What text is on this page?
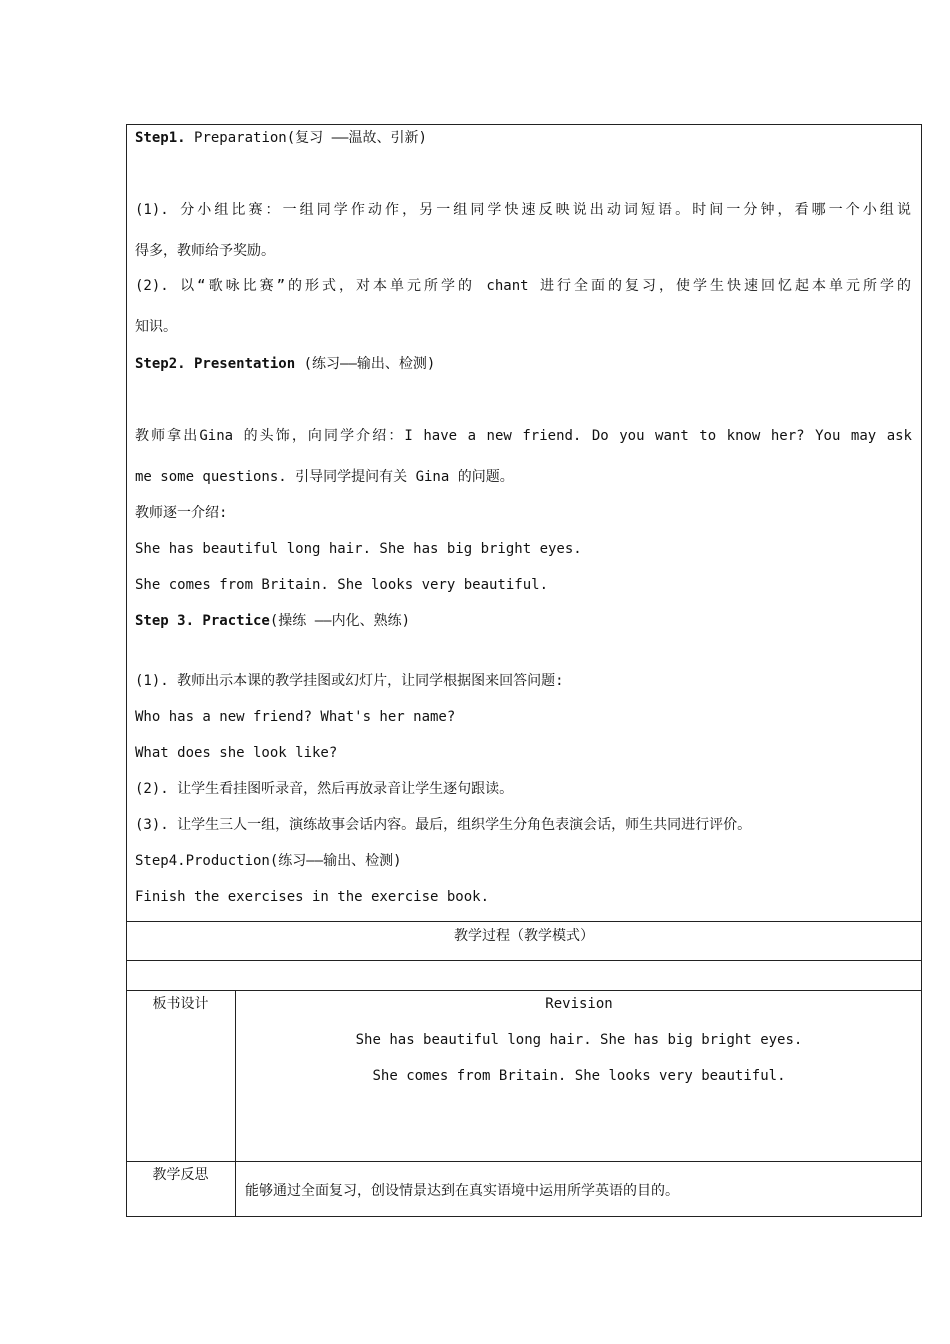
Step1. Preparation(复习 ——温故、引新)
(1). 分小组比赛：一组同学作动作，另一组同学快速反映说出动词短语。时间一分钟，看哪一个小组说
得多，教师给予奖励。
(2). 以“歌咏比赛”的形式，对本单元所学的 chant 进行全面的复习，使学生快速回忆起本单元所学的
知识。
Step2. Presentation (练习——输出、检测)
教师拿出Gina 的头饰，向同学介绍：I have a new friend. Do you want to know her? You may ask
me some questions. 引导同学提问有关 Gina 的问题。
教师逐一介绍:
She has beautiful long hair. She has big bright eyes.
She comes from Britain. She looks very beautiful.
Step 3. Practice(操练 ——内化、熟练)
(1). 教师出示本课的教学挂图或幻灯片，让同学根据图来回答问题:
Who has a new friend? What's her name?
What does she look like?
(2). 让学生看挂图听录音，然后再放录音让学生逐句跟读。
(3). 让学生三人一组，演练故事会话内容。最后，组织学生分角色表演会话，师生共同进行评价。
Step4.Production(练习——输出、检测)
Finish the exercises in the exercise book.
教学过程（教学模式）
板书设计	Revision
She has beautiful long hair. She has big bright eyes.
She comes from Britain. She looks very beautiful.
教学反思
能够通过全面复习，创设情景达到在真实语境中运用所学英语的目的。
